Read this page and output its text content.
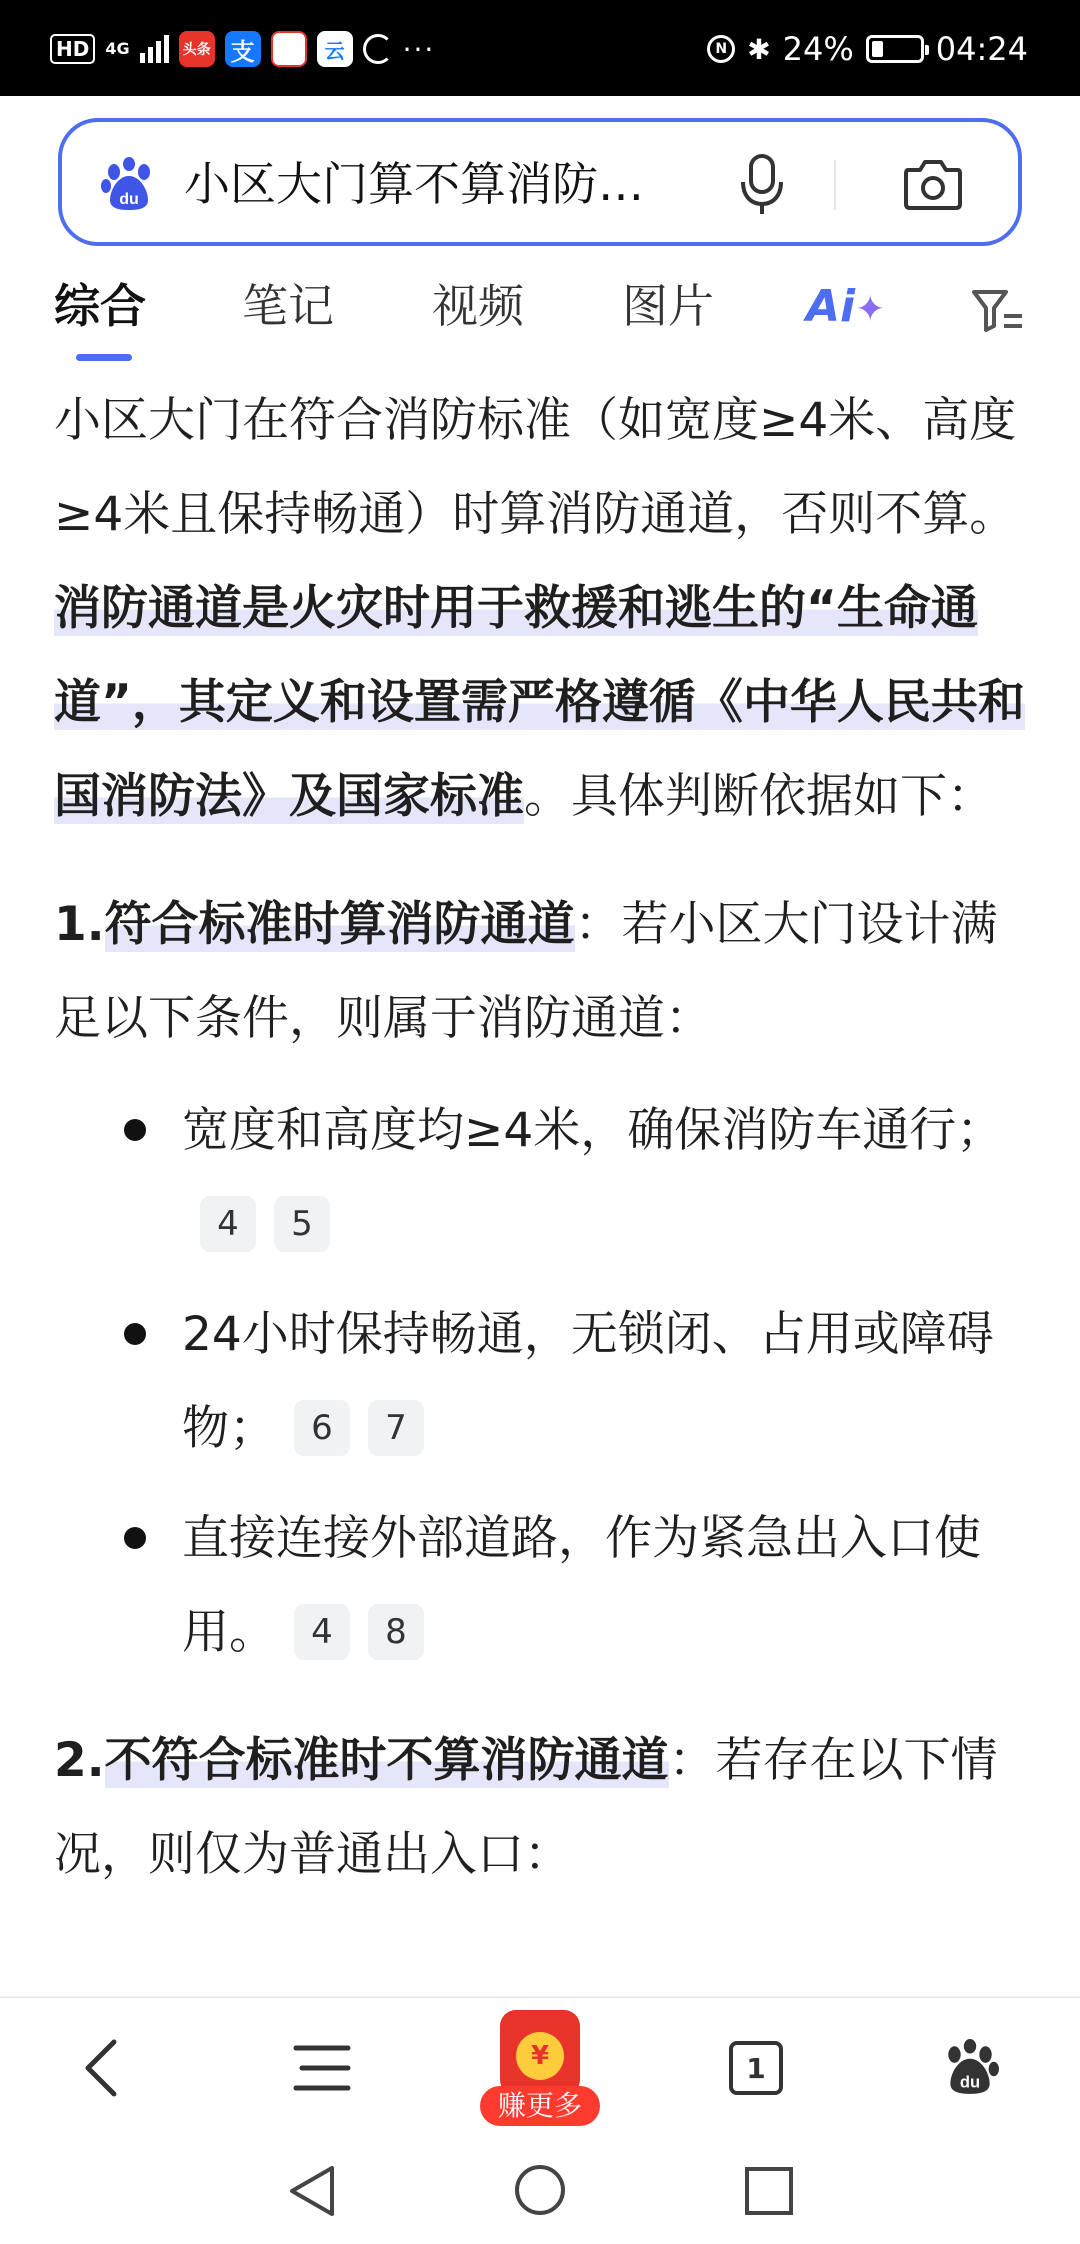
HD	4G	头条 支	云 ···	N ✱ 24%	04:24
du 小区大门算不算消防…
综合 笔记 视频 图片 Ai✦

小区大门在符合消防标准（如宽度≥4米、高度≥4米且保持畅通）时算消防通道，否则不算。消防通道是火灾时用于救援和逃生的“生命通道”，其定义和设置需严格遵循《中华人民共和国消防法》及国家标准。具体判断依据如下：

1.符合标准时算消防通道：若小区大门设计满足以下条件，则属于消防通道：
宽度和高度均≥4米，确保消防车通行；4 5
24小时保持畅通，无锁闭、占用或障碍物； 6 7
直接连接外部道路，作为紧急出入口使用。 4 8
2.不符合标准时不算消防通道：若存在以下情况，则仅为普通出入口：
¥
赚更多
1	du
